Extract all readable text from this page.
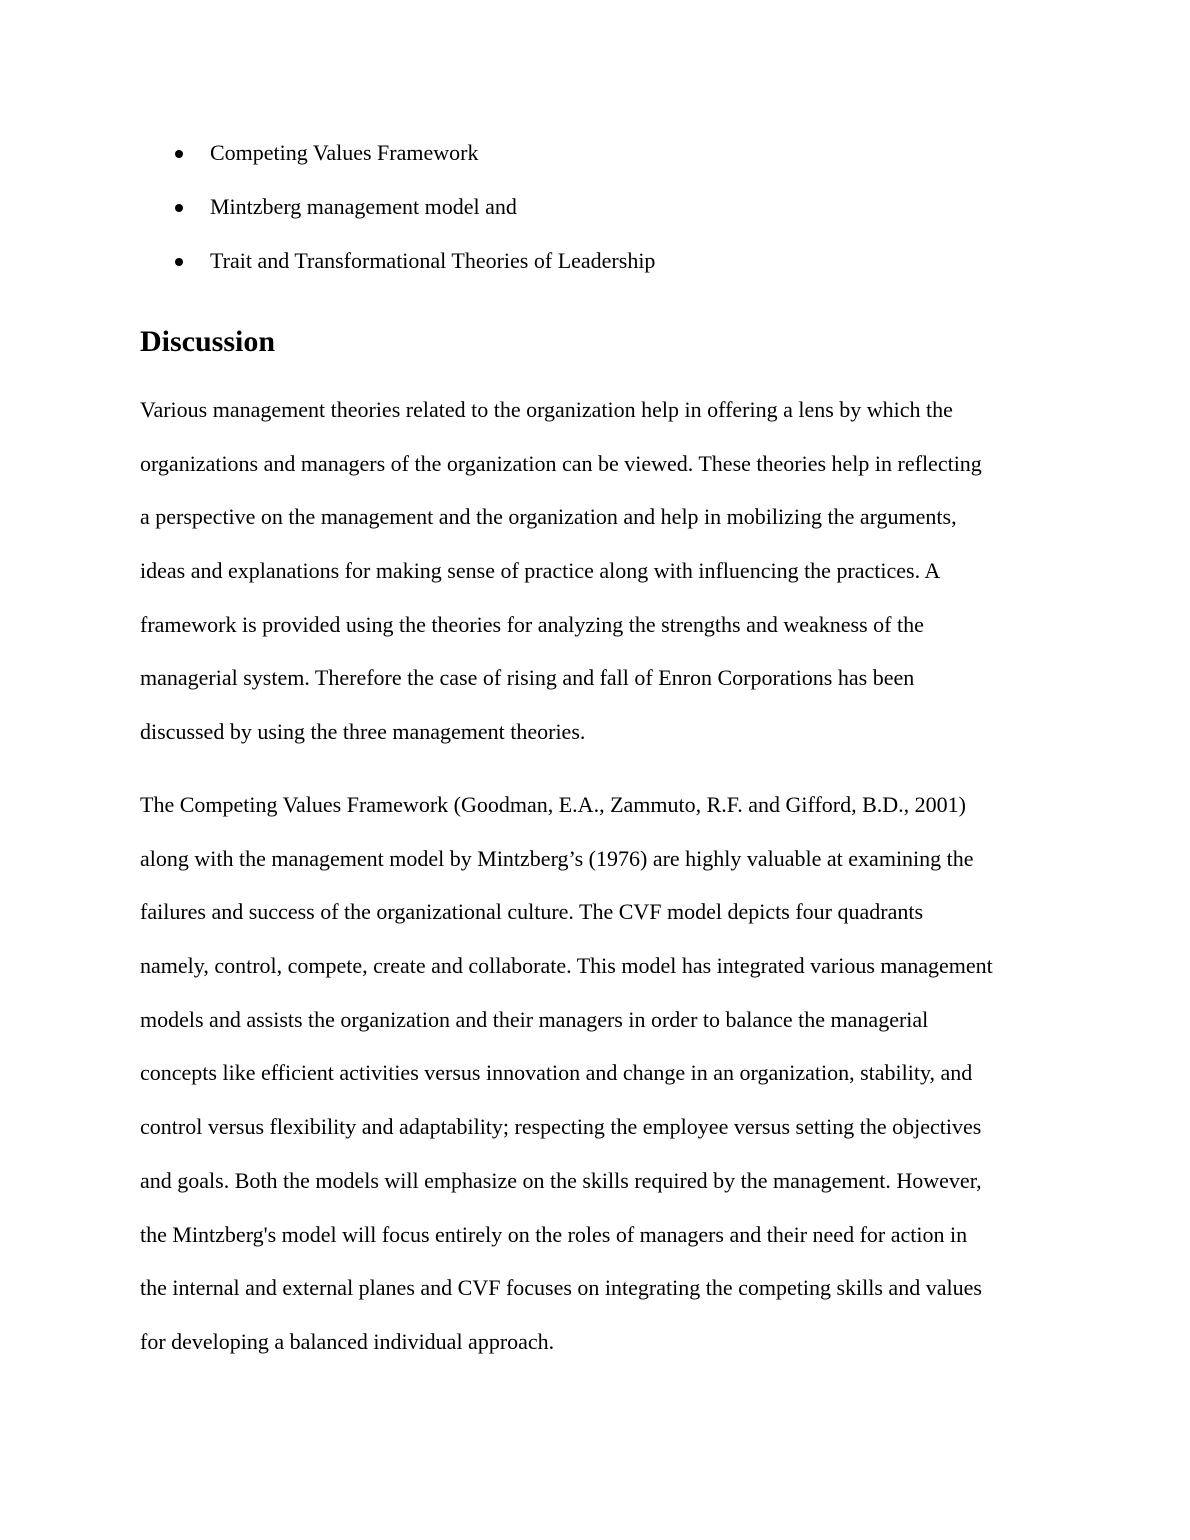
Competing Values Framework
Mintzberg management model and
Trait and Transformational Theories of Leadership
Discussion

Various management theories related to the organization help in offering a lens by which the
organizations and managers of the organization can be viewed. These theories help in reflecting
a perspective on the management and the organization and help in mobilizing the arguments,
ideas and explanations for making sense of practice along with influencing the practices. A
framework is provided using the theories for analyzing the strengths and weakness of the
managerial system. Therefore the case of rising and fall of Enron Corporations has been
discussed by using the three management theories.

The Competing Values Framework (Goodman, E.A., Zammuto, R.F. and Gifford, B.D., 2001)
along with the management model by Mintzberg’s (1976) are highly valuable at examining the
failures and success of the organizational culture. The CVF model depicts four quadrants
namely, control, compete, create and collaborate. This model has integrated various management
models and assists the organization and their managers in order to balance the managerial
concepts like efficient activities versus innovation and change in an organization, stability, and
control versus flexibility and adaptability; respecting the employee versus setting the objectives
and goals. Both the models will emphasize on the skills required by the management. However,
the Mintzberg's model will focus entirely on the roles of managers and their need for action in
the internal and external planes and CVF focuses on integrating the competing skills and values
for developing a balanced individual approach.
